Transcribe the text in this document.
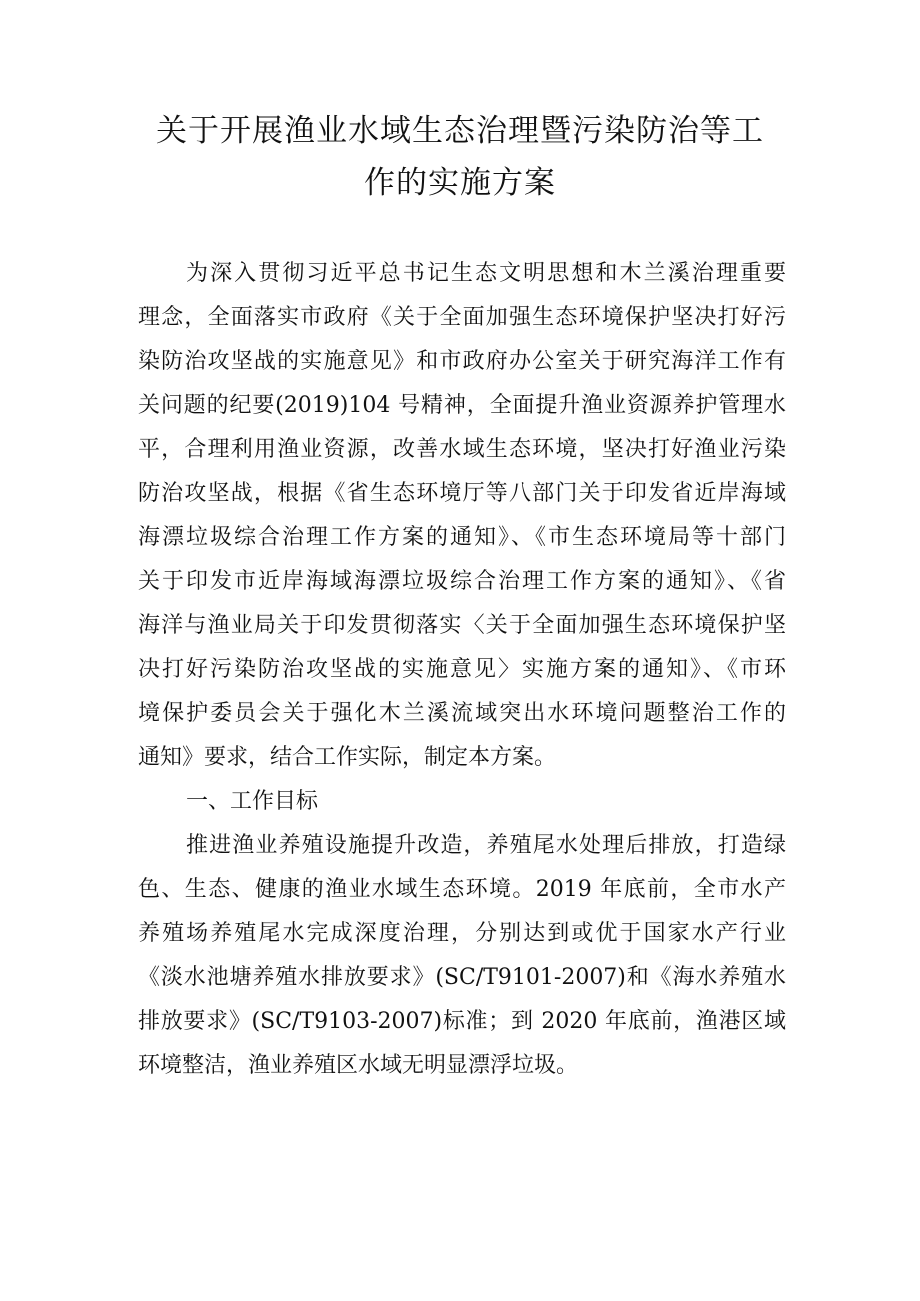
关于开展渔业水域生态治理暨污染防治等工
作的实施方案
为深入贯彻习近平总书记生态文明思想和木兰溪治理重要
理念，全面落实市政府《关于全面加强生态环境保护坚决打好污
染防治攻坚战的实施意见》和市政府办公室关于研究海洋工作有
关问题的纪要(2019)104 号精神，全面提升渔业资源养护管理水
平，合理利用渔业资源，改善水域生态环境，坚决打好渔业污染
防治攻坚战，根据《省生态环境厅等八部门关于印发省近岸海域
海漂垃圾综合治理工作方案的通知》、《市生态环境局等十部门
关于印发市近岸海域海漂垃圾综合治理工作方案的通知》、《省
海洋与渔业局关于印发贯彻落实〈关于全面加强生态环境保护坚
决打好污染防治攻坚战的实施意见〉实施方案的通知》、《市环
境保护委员会关于强化木兰溪流域突出水环境问题整治工作的
通知》要求，结合工作实际，制定本方案。
一、工作目标
推进渔业养殖设施提升改造，养殖尾水处理后排放，打造绿
色、生态、健康的渔业水域生态环境。2019 年底前，全市水产
养殖场养殖尾水完成深度治理，分别达到或优于国家水产行业
《淡水池塘养殖水排放要求》(SC/T9101-2007)和《海水养殖水
排放要求》(SC/T9103-2007)标准；到 2020 年底前，渔港区域
环境整洁，渔业养殖区水域无明显漂浮垃圾。
